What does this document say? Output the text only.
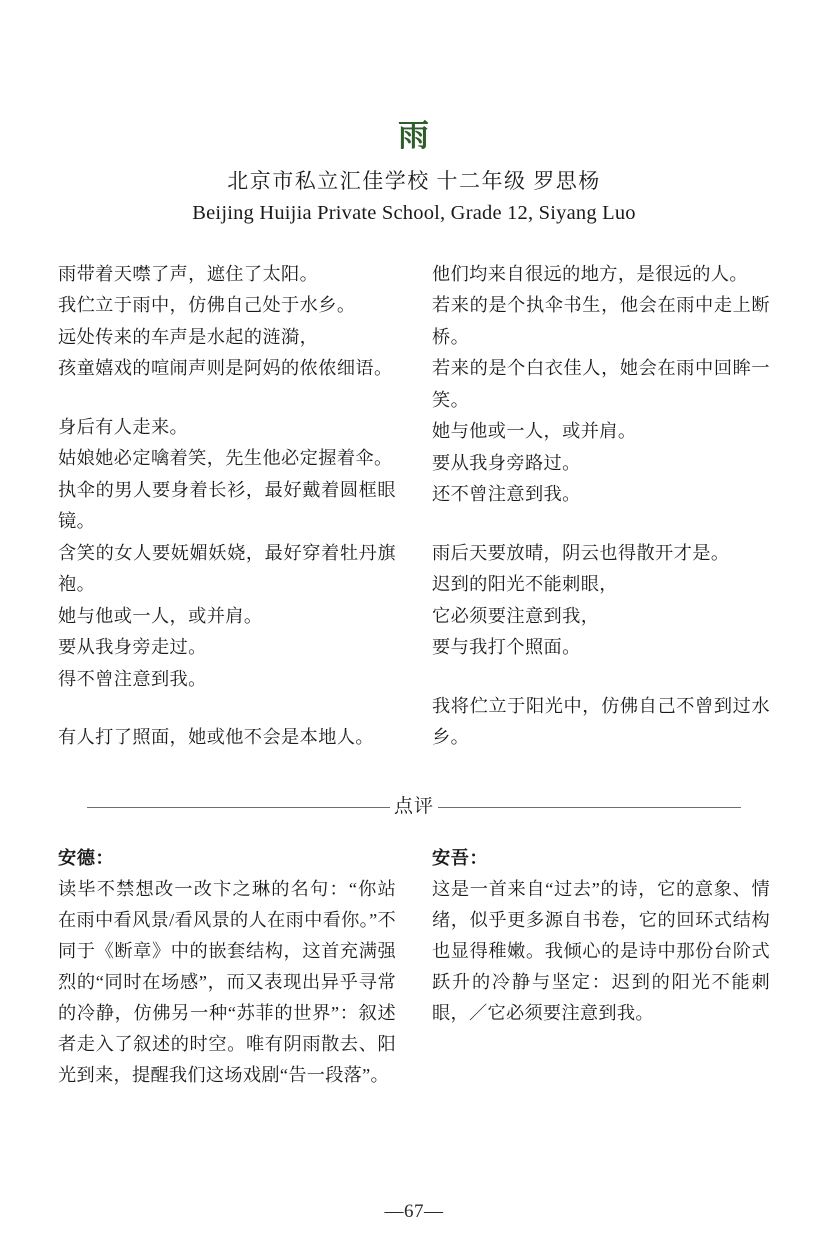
雨

北京市私立汇佳学校 十二年级 罗思杨

Beijing Huijia Private School, Grade 12, Siyang Luo

雨带着天噤了声，遮住了太阳。

我伫立于雨中，仿佛自己处于水乡。

远处传来的车声是水起的涟漪，

孩童嬉戏的喧闹声则是阿妈的侬侬细语。

身后有人走来。

姑娘她必定噙着笑，先生他必定握着伞。

执伞的男人要身着长衫，最好戴着圆框眼镜。

含笑的女人要妩媚妖娆，最好穿着牡丹旗袍。

她与他或一人，或并肩。

要从我身旁走过。

得不曾注意到我。

有人打了照面，她或他不会是本地人。

他们均来自很远的地方，是很远的人。

若来的是个执伞书生，他会在雨中走上断桥。

若来的是个白衣佳人，她会在雨中回眸一笑。

她与他或一人，或并肩。

要从我身旁路过。

还不曾注意到我。

雨后天要放晴，阴云也得散开才是。

迟到的阳光不能刺眼，

它必须要注意到我，

要与我打个照面。

我将伫立于阳光中，仿佛自己不曾到过水乡。

点评

安德：

读毕不禁想改一改卞之琳的名句：“你站在雨中看风景/看风景的人在雨中看你。”不同于《断章》中的嵌套结构，这首充满强烈的“同时在场感”，而又表现出异乎寻常的冷静，仿佛另一种“苏菲的世界”：叙述者走入了叙述的时空。唯有阴雨散去、阳光到来，提醒我们这场戏剧“告一段落”。

安吾：

这是一首来自“过去”的诗，它的意象、情绪，似乎更多源自书卷，它的回环式结构也显得稚嫩。我倾心的是诗中那份台阶式跃升的冷静与坚定：迟到的阳光不能刺眼，／它必须要注意到我。

—67—
